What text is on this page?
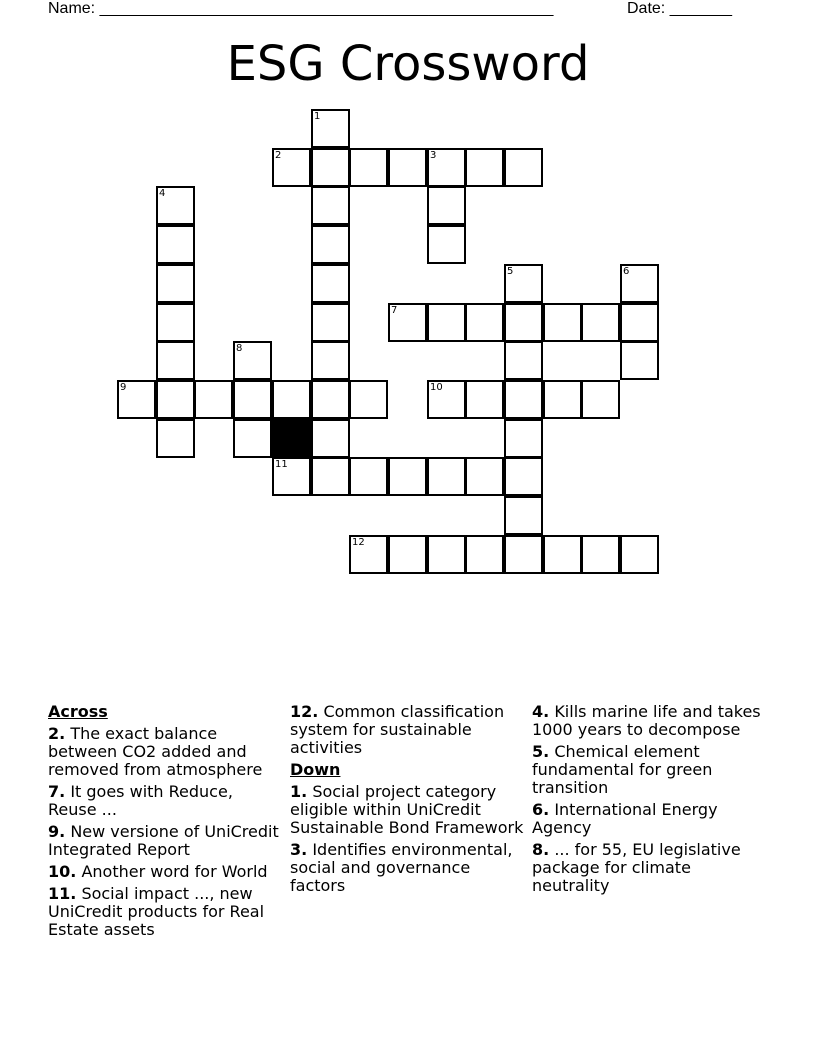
Name: ___________________________________________________	Date: _______
ESG Crossword
1
2	3
4
5	6
7
8
9	10
11
12
Across
2. The exact balance between CO2 added and removed from atmosphere
7. It goes with Reduce, Reuse ...
9. New versione of UniCredit Integrated Report
10. Another word for World
11. Social impact ..., new UniCredit products for Real Estate assets
12. Common classification system for sustainable activities
Down
1. Social project category eligible within UniCredit Sustainable Bond Framework
3. Identifies environmental, social and governance factors
4. Kills marine life and takes 1000 years to decompose
5. Chemical element fundamental for green transition
6. International Energy Agency
8. ... for 55, EU legislative package for climate neutrality
